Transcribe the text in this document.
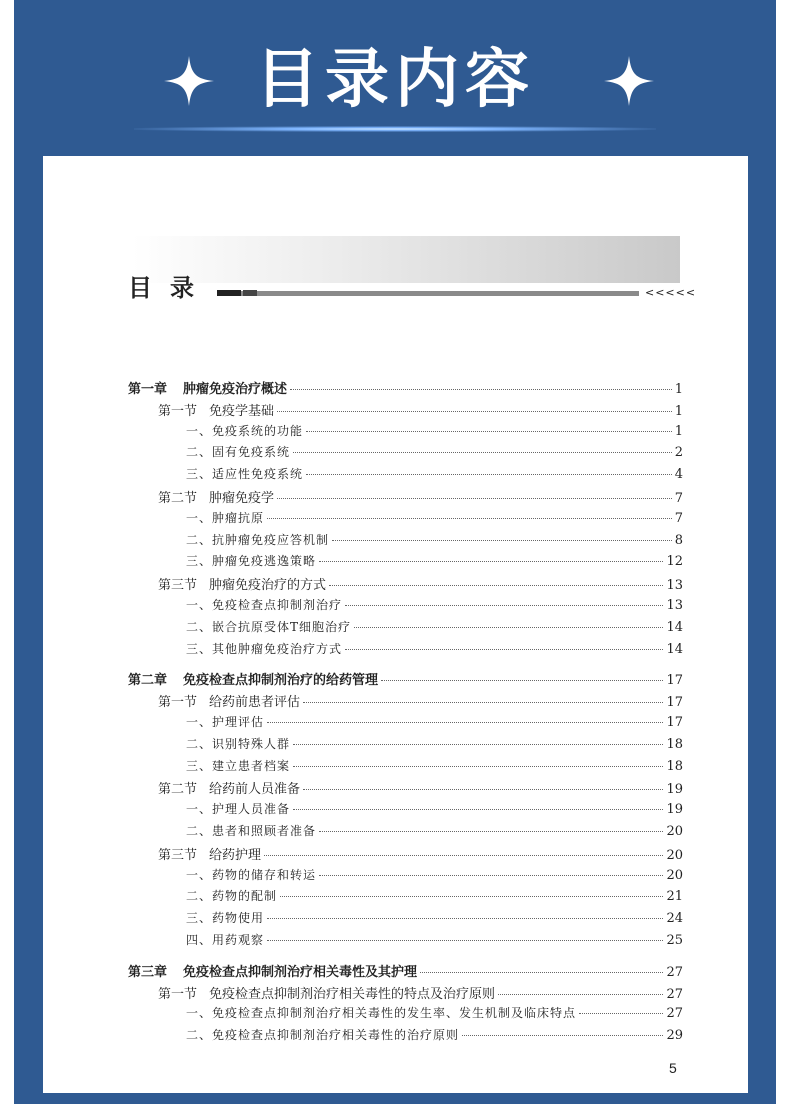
目录内容
目录	<<<<<
第一章 肿瘤免疫治疗概述	1
第一节 免疫学基础	1
一、免疫系统的功能	1
二、固有免疫系统	2
三、适应性免疫系统	4
第二节 肿瘤免疫学	7
一、肿瘤抗原	7
二、抗肿瘤免疫应答机制	8
三、肿瘤免疫逃逸策略	12
第三节 肿瘤免疫治疗的方式	13
一、免疫检查点抑制剂治疗	13
二、嵌合抗原受体T细胞治疗	14
三、其他肿瘤免疫治疗方式	14
第二章 免疫检查点抑制剂治疗的给药管理	17
第一节 给药前患者评估	17
一、护理评估	17
二、识别特殊人群	18
三、建立患者档案	18
第二节 给药前人员准备	19
一、护理人员准备	19
二、患者和照顾者准备	20
第三节 给药护理	20
一、药物的储存和转运	20
二、药物的配制	21
三、药物使用	24
四、用药观察	25
第三章 免疫检查点抑制剂治疗相关毒性及其护理	27
第一节 免疫检查点抑制剂治疗相关毒性的特点及治疗原则	27
一、免疫检查点抑制剂治疗相关毒性的发生率、发生机制及临床特点	27
二、免疫检查点抑制剂治疗相关毒性的治疗原则	29
5
